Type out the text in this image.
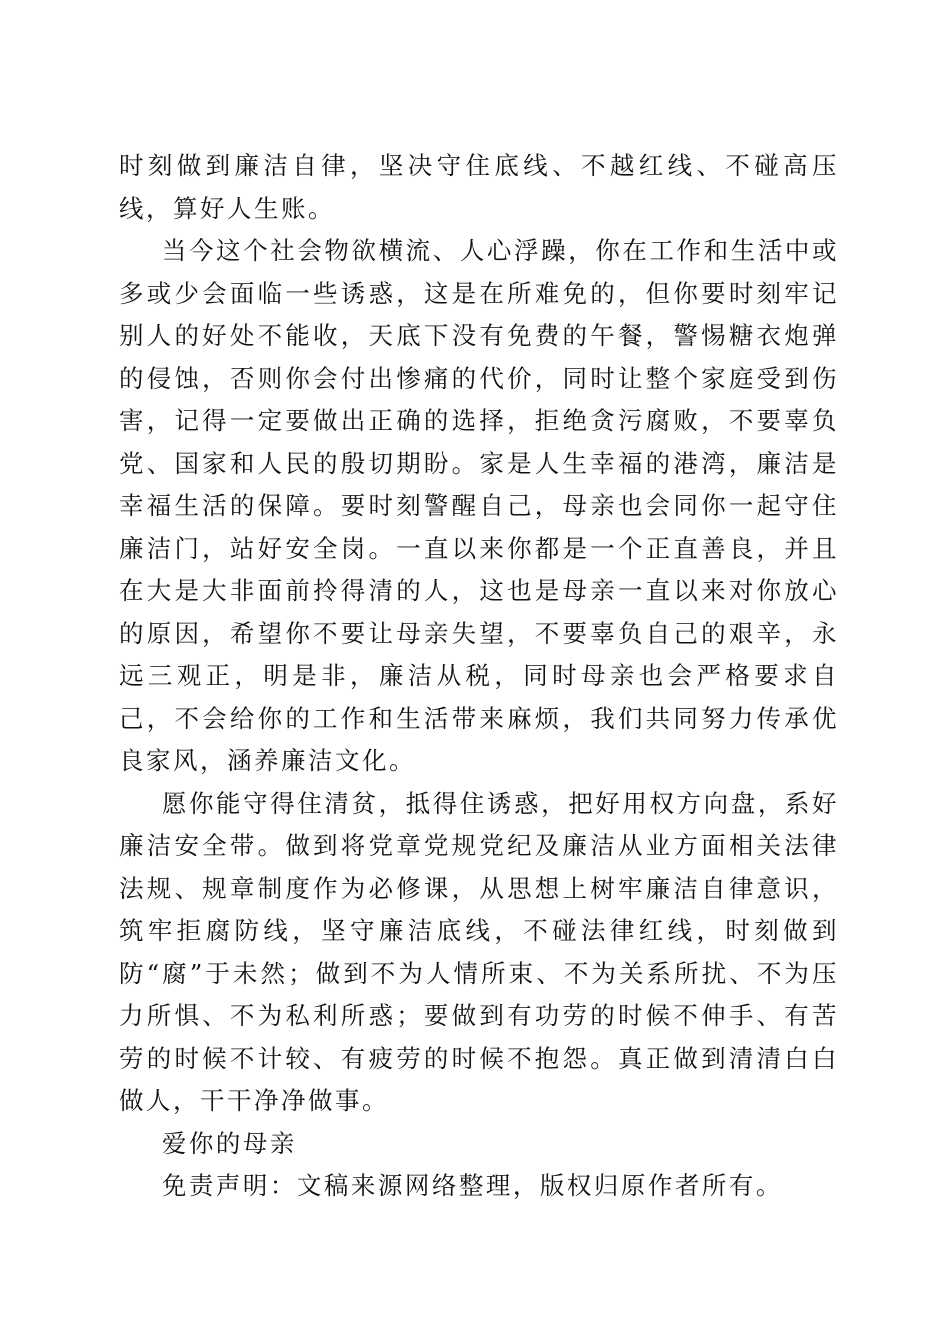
时刻做到廉洁自律，坚决守住底线、不越红线、不碰高压线，算好人生账。

当今这个社会物欲横流、人心浮躁，你在工作和生活中或多或少会面临一些诱惑，这是在所难免的，但你要时刻牢记别人的好处不能收，天底下没有免费的午餐，警惕糖衣炮弹的侵蚀，否则你会付出惨痛的代价，同时让整个家庭受到伤害，记得一定要做出正确的选择，拒绝贪污腐败，不要辜负党、国家和人民的殷切期盼。家是人生幸福的港湾，廉洁是幸福生活的保障。要时刻警醒自己，母亲也会同你一起守住廉洁门，站好安全岗。一直以来你都是一个正直善良，并且在大是大非面前拎得清的人，这也是母亲一直以来对你放心的原因，希望你不要让母亲失望，不要辜负自己的艰辛，永远三观正，明是非，廉洁从税，同时母亲也会严格要求自己，不会给你的工作和生活带来麻烦，我们共同努力传承优良家风，涵养廉洁文化。

愿你能守得住清贫，抵得住诱惑，把好用权方向盘，系好廉洁安全带。做到将党章党规党纪及廉洁从业方面相关法律法规、规章制度作为必修课，从思想上树牢廉洁自律意识，筑牢拒腐防线，坚守廉洁底线，不碰法律红线，时刻做到防“腐”于未然；做到不为人情所束、不为关系所扰、不为压力所惧、不为私利所惑；要做到有功劳的时候不伸手、有苦劳的时候不计较、有疲劳的时候不抱怨。真正做到清清白白做人，干干净净做事。

爱你的母亲

免责声明：文稿来源网络整理，版权归原作者所有。
